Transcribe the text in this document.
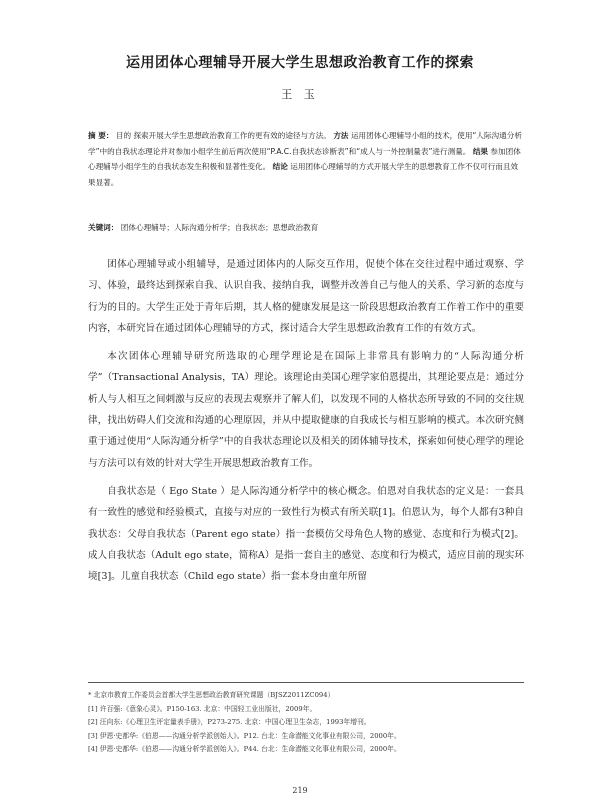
运用团体心理辅导开展大学生思想政治教育工作的探索
王 玉
摘 要： 目的 探索开展大学生思想政治教育工作的更有效的途径与方法。 方法 运用团体心理辅导小组的技术，使用“人际沟通分析学”中的自我状态理论并对参加小组学生前后两次使用“P.A.C.自我状态诊断表”和“成人与一外控制量表”进行测量。 结果 参加团体心理辅导小组学生的自我状态发生积极和显著性变化。 结论 运用团体心理辅导的方式开展大学生的思想教育工作不仅可行而且效果显著。
关键词： 团体心理辅导；人际沟通分析学；自我状态；思想政治教育

团体心理辅导或小组辅导，是通过团体内的人际交互作用，促使个体在交往过程中通过观察、学习、体验，最终达到探索自我、认识自我、接纳自我，调整并改善自己与他人的关系、学习新的态度与行为的目的。大学生正处于青年后期，其人格的健康发展是这一阶段思想政治教育工作着工作中的重要内容，本研究旨在通过团体心理辅导的方式，探讨适合大学生思想政治教育工作的有效方式。

本次团体心理辅导研究所选取的心理学理论是在国际上非常具有影响力的“人际沟通分析学”（Transactional Analysis，TA）理论。该理论由美国心理学家伯恩提出，其理论要点是：通过分析人与人相互之间刺激与反应的表现去观察并了解人们，以发现不同的人格状态所导致的不同的交往规律，找出妨碍人们交流和沟通的心理原因，并从中提取健康的自我成长与相互影响的模式。本次研究侧重于通过使用“人际沟通分析学”中的自我状态理论以及相关的团体辅导技术，探索如何使心理学的理论与方法可以有效的针对大学生开展思想政治教育工作。

自我状态是（ Ego State ）是人际沟通分析学中的核心概念。伯恩对自我状态的定义是：一套具有一致性的感觉和经验模式，直接与对应的一致性行为模式有所关联[1]。伯恩认为，每个人都有3种自我状态：父母自我状态（Parent ego state）指一套模仿父母角色人物的感觉、态度和行为模式[2]。成人自我状态（Adult ego state，简称A）是指一套自主的感觉、态度和行为模式，适应目前的现实环境[3]。儿童自我状态（Child ego state）指一套本身由童年所留

* 北京市教育工作委员会首都大学生思想政治教育研究课题（BJSZ2011ZC094）
[1] 许百强:《意象心灵》。P150-163. 北京：中国轻工业出版社，2009年。
[2] 汪向东:《心理卫生评定量表手册》，P273-275. 北京：中国心理卫生杂志，1993年增刊。
[3] 伊恩·史都华:《伯恩——沟通分析学派创始人》。P12. 台北：生命潜能文化事业有限公司，2000年。
[4] 伊恩·史都华:《伯恩——沟通分析学派创始人》。P44. 台北：生命潜能文化事业有限公司，2000年。
219
